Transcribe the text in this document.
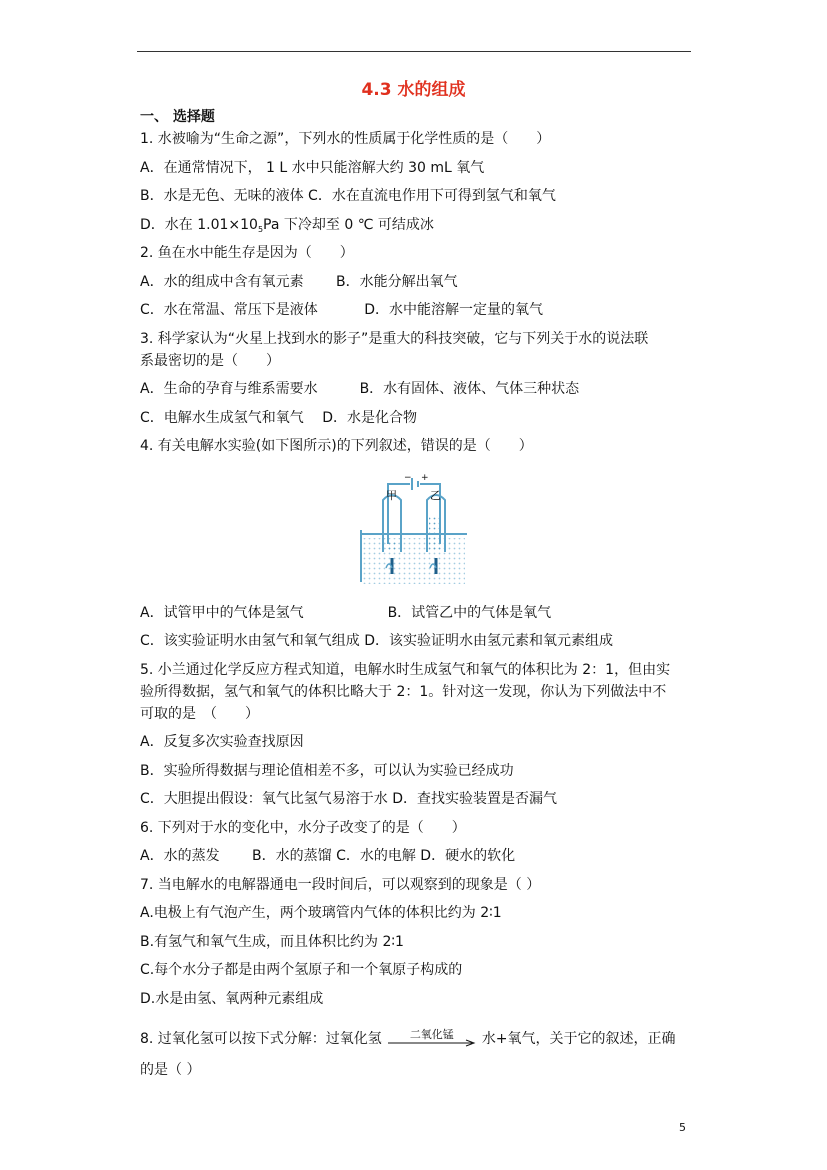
4.3 水的组成
一、 选择题
1. 水被喻为“生命之源”，下列水的性质属于化学性质的是（　　）
A．在通常情况下， 1 L 水中只能溶解大约 30 mL 氧气
B．水是无色、无味的液体 C．水在直流电作用下可得到氢气和氧气
D．水在 $1.01\times 10_5Pa$ 下冷却至 0 ℃ 可结成冰
2. 鱼在水中能生存是因为（　　）
A．水的组成中含有氧元素　　 B．水能分解出氧气
C．水在常温、常压下是液体　　　 D．水中能溶解一定量的氧气
3. 科学家认为“火星上找到水的影子”是重大的科技突破，它与下列关于水的说法联
系最密切的是（　　）
A．生命的孕育与维系需要水　　　B．水有固体、液体、气体三种状态
C．电解水生成氢气和氧气　 D．水是化合物
4. 有关电解水实验(如下图所示)的下列叙述，错误的是（　　）
− +
甲	乙
A．试管甲中的气体是氢气　　　　　　B．试管乙中的气体是氧气
C．该实验证明水由氢气和氧气组成 D．该实验证明水由氢元素和氧元素组成
5. 小兰通过化学反应方程式知道，电解水时生成氢气和氧气的体积比为 2：1，但由实
验所得数据，氢气和氧气的体积比略大于 2：1。针对这一发现，你认为下列做法中不
可取的是　（　　）
A．反复多次实验查找原因
B．实验所得数据与理论值相差不多，可以认为实验已经成功
C．大胆提出假设：氧气比氢气易溶于水 D．查找实验装置是否漏气
6. 下列对于水的变化中，水分子改变了的是（　　）
A．水的蒸发　　 B．水的蒸馏 C．水的电解 D．硬水的软化
7. 当电解水的电解器通电一段时间后，可以观察到的现象是（ ）
A.电极上有气泡产生，两个玻璃管内气体的体积比约为 2∶1
B.有氢气和氧气生成，而且体积比约为 2∶1
C.每个水分子都是由两个氢原子和一个氧原子构成的
D.水是由氢、氧两种元素组成
8. 过氧化氢可以按下式分解：过氧化氢	二氧化锰	水+氧气，关于它的叙述，正确
的是（ ）
5
